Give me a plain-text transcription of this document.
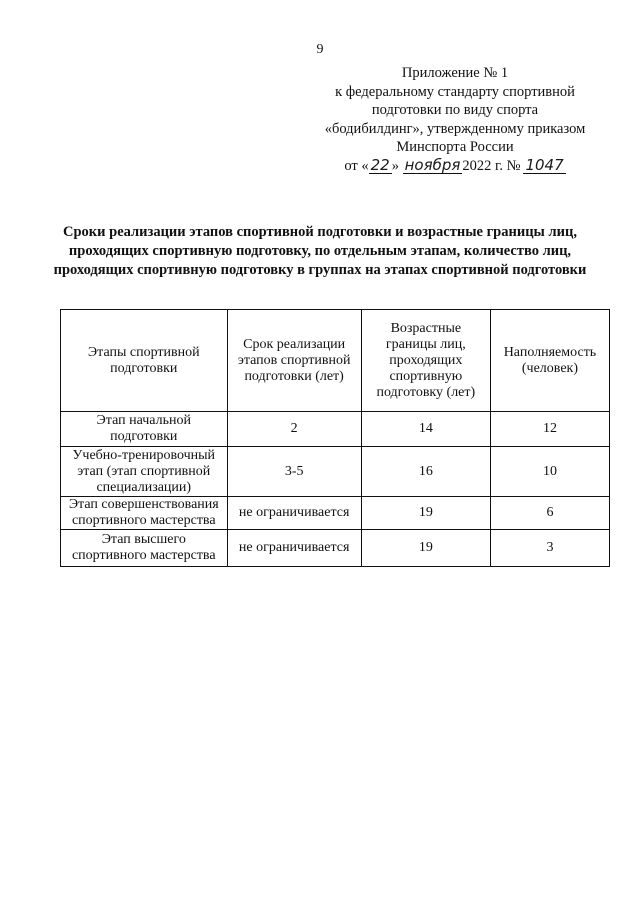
9
Приложение № 1
к федеральному стандарту спортивной
подготовки по виду спорта
«бодибилдинг», утвержденному приказом
Минспорта России
от « 22 » ноября 2022 г. № 1047
Сроки реализации этапов спортивной подготовки и возрастные границы лиц, проходящих спортивную подготовку, по отдельным этапам, количество лиц, проходящих спортивную подготовку в группах на этапах спортивной подготовки
Этапы спортивной подготовки	Срок реализации этапов спортивной подготовки (лет)	Возрастные границы лиц, проходящих спортивную подготовку (лет)	Наполняемость (человек)
Этап начальной подготовки	2	14	12
Учебно-тренировочный этап (этап спортивной специализации)	3-5	16	10
Этап совершенствования спортивного мастерства	не ограничивается	19	6
Этап высшего спортивного мастерства	не ограничивается	19	3
